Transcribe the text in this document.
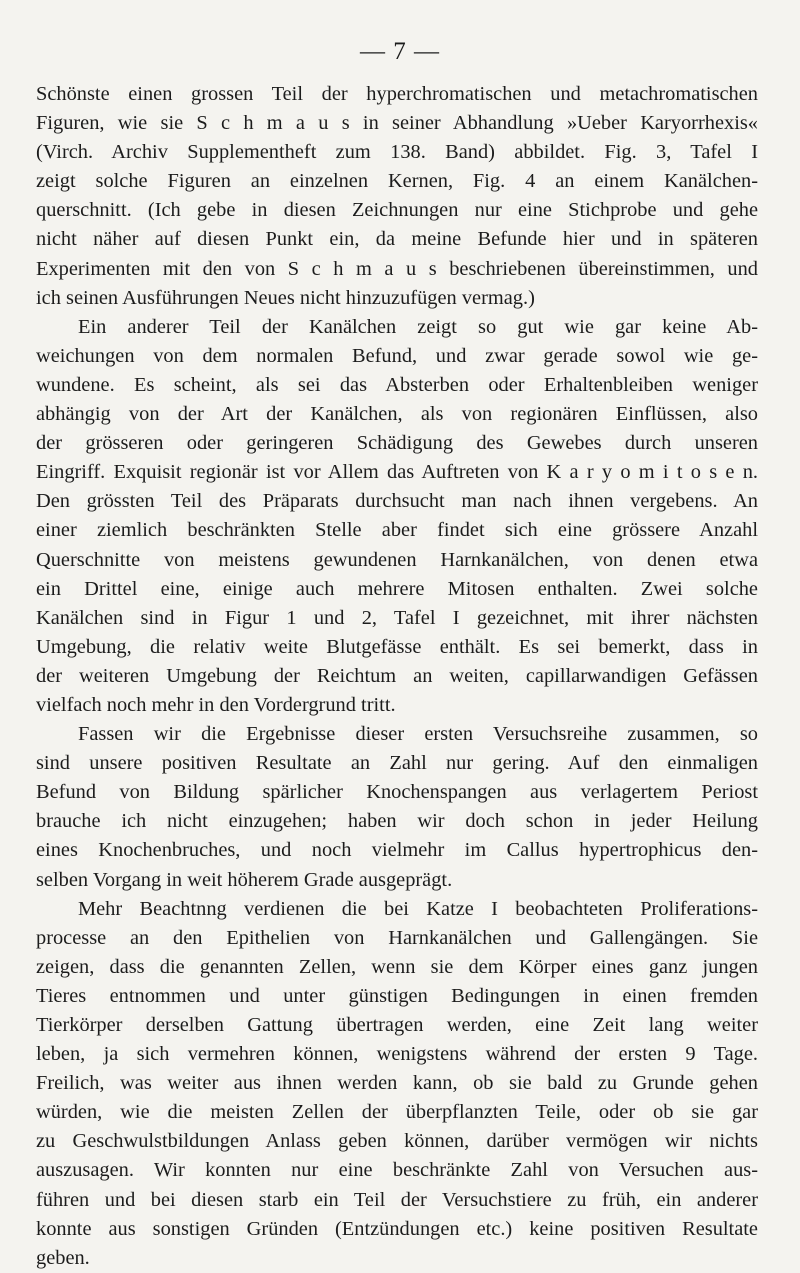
— 7 —
Schönste einen grossen Teil der hyperchromatischen und metachromatischen
Figuren, wie sie S c h m a u s in seiner Abhandlung »Ueber Karyorrhexis«
(Virch. Archiv Supplementheft zum 138. Band) abbildet. Fig. 3, Tafel I
zeigt solche Figuren an einzelnen Kernen, Fig. 4 an einem Kanälchen-
querschnitt. (Ich gebe in diesen Zeichnungen nur eine Stichprobe und gehe
nicht näher auf diesen Punkt ein, da meine Befunde hier und in späteren
Experimenten mit den von S c h m a u s beschriebenen übereinstimmen, und
ich seinen Ausführungen Neues nicht hinzuzufügen vermag.)
Ein anderer Teil der Kanälchen zeigt so gut wie gar keine Ab-
weichungen von dem normalen Befund, und zwar gerade sowol wie ge-
wundene. Es scheint, als sei das Absterben oder Erhaltenbleiben weniger
abhängig von der Art der Kanälchen, als von regionären Einflüssen, also
der grösseren oder geringeren Schädigung des Gewebes durch unseren
Eingriff. Exquisit regionär ist vor Allem das Auftreten von K a r y o m i t o s e n.
Den grössten Teil des Präparats durchsucht man nach ihnen vergebens. An
einer ziemlich beschränkten Stelle aber findet sich eine grössere Anzahl
Querschnitte von meistens gewundenen Harnkanälchen, von denen etwa
ein Drittel eine, einige auch mehrere Mitosen enthalten. Zwei solche
Kanälchen sind in Figur 1 und 2, Tafel I gezeichnet, mit ihrer nächsten
Umgebung, die relativ weite Blutgefässe enthält. Es sei bemerkt, dass in
der weiteren Umgebung der Reichtum an weiten, capillarwandigen Gefässen
vielfach noch mehr in den Vordergrund tritt.
Fassen wir die Ergebnisse dieser ersten Versuchsreihe zusammen, so
sind unsere positiven Resultate an Zahl nur gering. Auf den einmaligen
Befund von Bildung spärlicher Knochenspangen aus verlagertem Periost
brauche ich nicht einzugehen; haben wir doch schon in jeder Heilung
eines Knochenbruches, und noch vielmehr im Callus hypertrophicus den-
selben Vorgang in weit höherem Grade ausgeprägt.
Mehr Beachtnng verdienen die bei Katze I beobachteten Proliferations-
processe an den Epithelien von Harnkanälchen und Gallengängen. Sie
zeigen, dass die genannten Zellen, wenn sie dem Körper eines ganz jungen
Tieres entnommen und unter günstigen Bedingungen in einen fremden
Tierkörper derselben Gattung übertragen werden, eine Zeit lang weiter
leben, ja sich vermehren können, wenigstens während der ersten 9 Tage.
Freilich, was weiter aus ihnen werden kann, ob sie bald zu Grunde gehen
würden, wie die meisten Zellen der überpflanzten Teile, oder ob sie gar
zu Geschwulstbildungen Anlass geben können, darüber vermögen wir nichts
auszusagen. Wir konnten nur eine beschränkte Zahl von Versuchen aus-
führen und bei diesen starb ein Teil der Versuchstiere zu früh, ein anderer
konnte aus sonstigen Gründen (Entzündungen etc.) keine positiven Resultate
geben.
